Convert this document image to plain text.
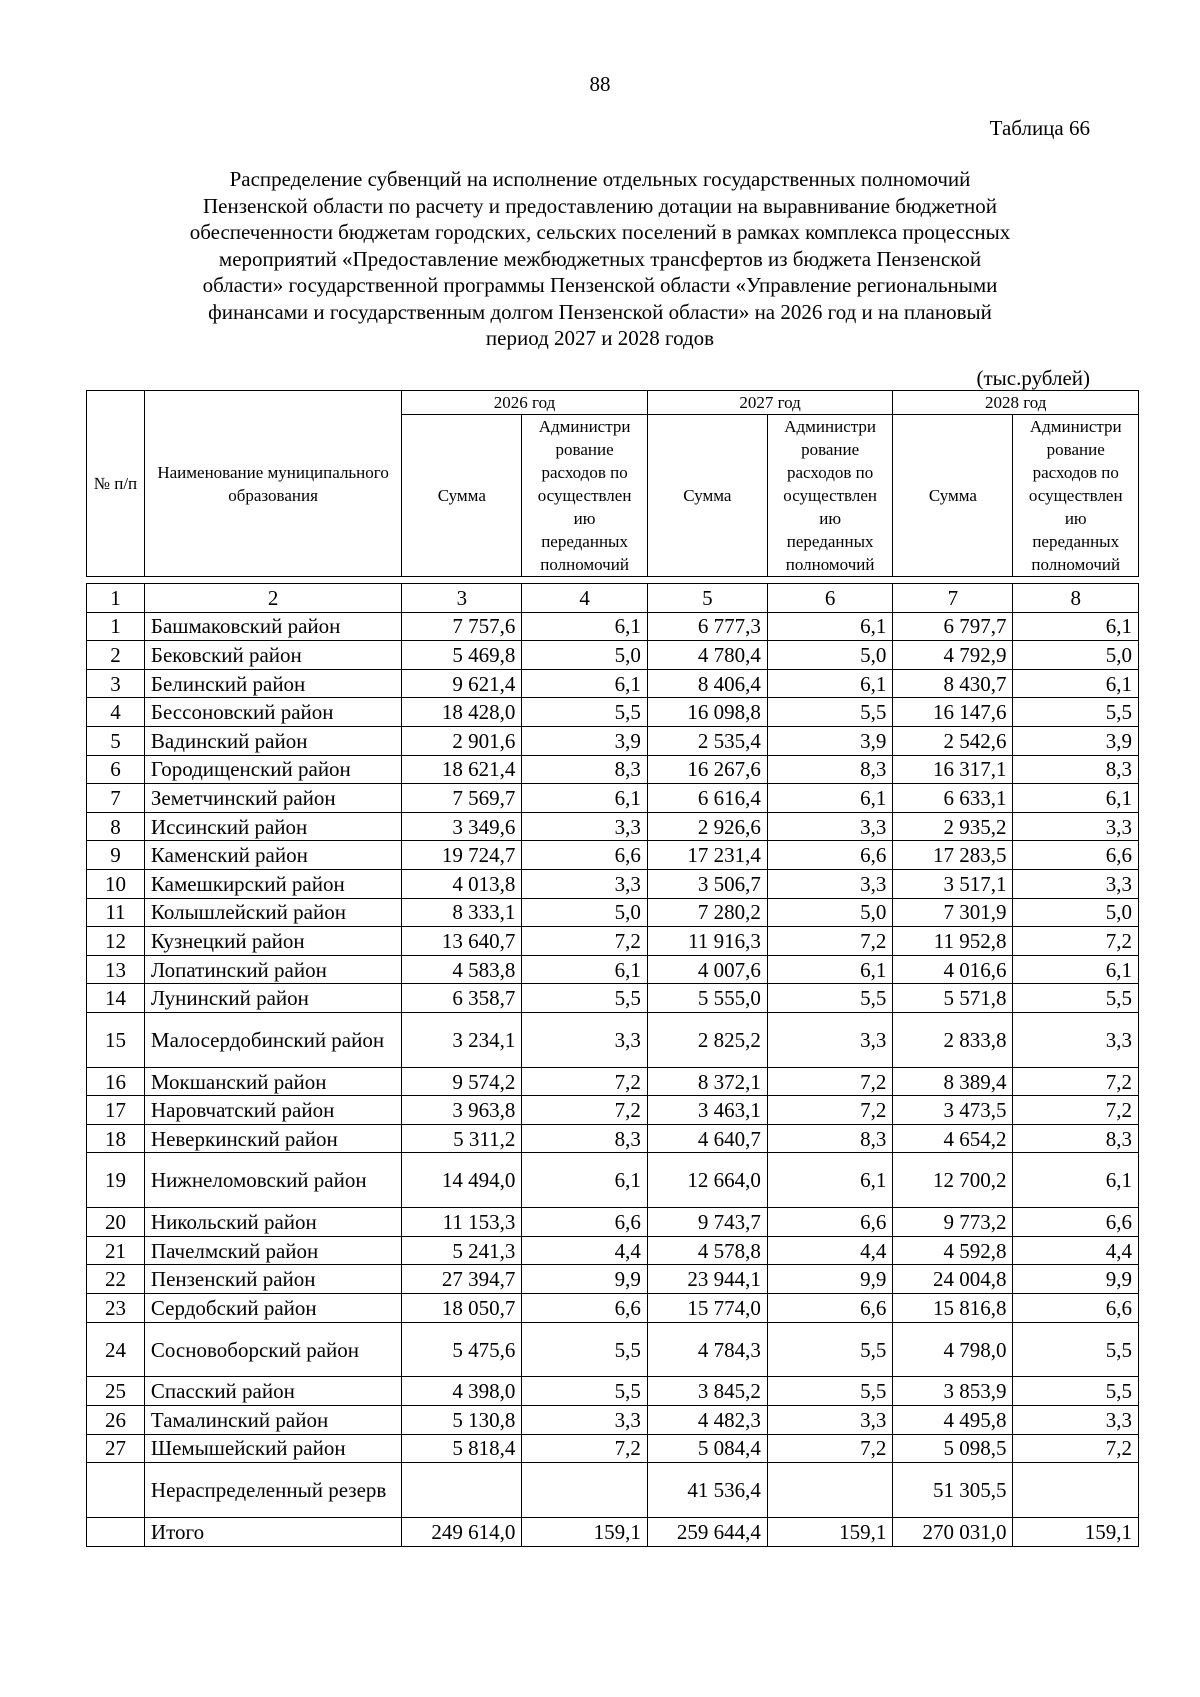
88
Таблица 66
Распределение субвенций на исполнение отдельных государственных полномочий
Пензенской области по расчету и предоставлению дотации на выравнивание бюджетной
обеспеченности бюджетам городских, сельских поселений в рамках комплекса процессных
мероприятий «Предоставление межбюджетных трансфертов из бюджета Пензенской
области» государственной программы Пензенской области «Управление региональными
финансами и государственным долгом Пензенской области» на 2026 год и на плановый
период 2027 и 2028 годов
(тыс.рублей)
№ п/п	Наименование муниципального образования	2026 год		2027 год		2028 год	
		Сумма	Администри рование расходов по осуществлен ию переданных полномочий	Сумма	Администри рование расходов по осуществлен ию переданных полномочий	Сумма	Администри рование расходов по осуществлен ию переданных полномочий
1	2	3	4	5	6	7	8
1	Башмаковский район	7 757,6	6,1	6 777,3	6,1	6 797,7	6,1
2	Бековский район	5 469,8	5,0	4 780,4	5,0	4 792,9	5,0
3	Белинский район	9 621,4	6,1	8 406,4	6,1	8 430,7	6,1
4	Бессоновский район	18 428,0	5,5	16 098,8	5,5	16 147,6	5,5
5	Вадинский район	2 901,6	3,9	2 535,4	3,9	2 542,6	3,9
6	Городищенский район	18 621,4	8,3	16 267,6	8,3	16 317,1	8,3
7	Земетчинский район	7 569,7	6,1	6 616,4	6,1	6 633,1	6,1
8	Иссинский район	3 349,6	3,3	2 926,6	3,3	2 935,2	3,3
9	Каменский район	19 724,7	6,6	17 231,4	6,6	17 283,5	6,6
10	Камешкирский район	4 013,8	3,3	3 506,7	3,3	3 517,1	3,3
11	Колышлейский район	8 333,1	5,0	7 280,2	5,0	7 301,9	5,0
12	Кузнецкий район	13 640,7	7,2	11 916,3	7,2	11 952,8	7,2
13	Лопатинский район	4 583,8	6,1	4 007,6	6,1	4 016,6	6,1
14	Лунинский район	6 358,7	5,5	5 555,0	5,5	5 571,8	5,5
15	Малосердобинский район	3 234,1	3,3	2 825,2	3,3	2 833,8	3,3
16	Мокшанский район	9 574,2	7,2	8 372,1	7,2	8 389,4	7,2
17	Наровчатский район	3 963,8	7,2	3 463,1	7,2	3 473,5	7,2
18	Неверкинский район	5 311,2	8,3	4 640,7	8,3	4 654,2	8,3
19	Нижнеломовский район	14 494,0	6,1	12 664,0	6,1	12 700,2	6,1
20	Никольский район	11 153,3	6,6	9 743,7	6,6	9 773,2	6,6
21	Пачелмский район	5 241,3	4,4	4 578,8	4,4	4 592,8	4,4
22	Пензенский район	27 394,7	9,9	23 944,1	9,9	24 004,8	9,9
23	Сердобский район	18 050,7	6,6	15 774,0	6,6	15 816,8	6,6
24	Сосновоборский район	5 475,6	5,5	4 784,3	5,5	4 798,0	5,5
25	Спасский район	4 398,0	5,5	3 845,2	5,5	3 853,9	5,5
26	Тамалинский район	5 130,8	3,3	4 482,3	3,3	4 495,8	3,3
27	Шемышейский район	5 818,4	7,2	5 084,4	7,2	5 098,5	7,2
	Нераспределенный резерв			41 536,4		51 305,5	
	Итого	249 614,0	159,1	259 644,4	159,1	270 031,0	159,1
